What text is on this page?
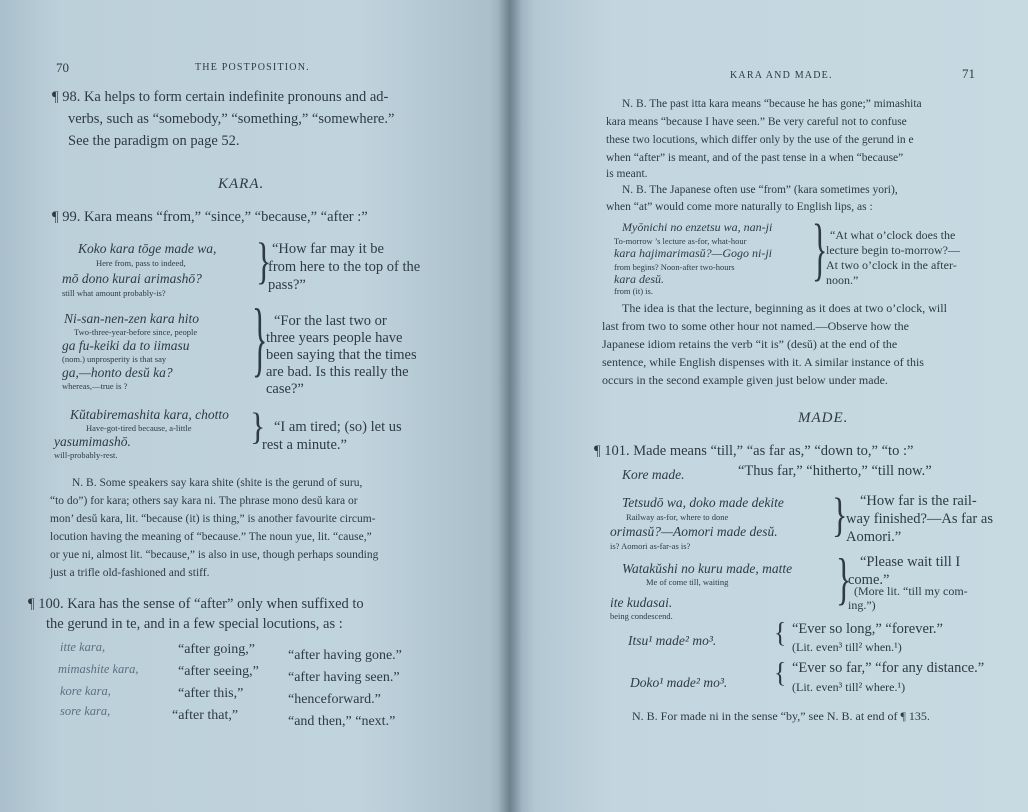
70	THE POSTPOSITION.
¶ 98. Ka helps to form certain indefinite pronouns and ad-
verbs, such as “somebody,” “something,” “somewhere.”
See the paradigm on page 52.
KARA.
¶ 99. Kara means “from,” “since,” “because,” “after :”
Koko kara tōge made wa,
Here from, pass to indeed,
mō dono kurai arimashō?
still what amount probably-is?
} “How far may it be
from here to the top of the
pass?”
Ni-san-nen-zen kara hito
Two-three-year-before since, people
ga fu-keiki da to iimasu
(nom.) unprosperity is that say
ga,—honto desŭ ka?
whereas,—true is ?
} “For the last two or
three years people have
been saying that the times
are bad. Is this really the
case?”
Kŭtabiremashita kara, chotto
Have-got-tired because, a-little
yasumimashō.
will-probably-rest.
} “I am tired; (so) let us
rest a minute.”
N. B. Some speakers say kara shite (shite is the gerund of suru,
“to do”) for kara; others say kara ni. The phrase mono desŭ kara or
mon’ desŭ kara, lit. “because (it) is thing,” is another favourite circum-
locution having the meaning of “because.” The noun yue, lit. “cause,”
or yue ni, almost lit. “because,” is also in use, though perhaps sounding
just a trifle old-fashioned and stiff.
¶ 100. Kara has the sense of “after” only when suffixed to
the gerund in te, and in a few special locutions, as :
itte kara,	“after going,” “after having gone.”
mimashite kara,	“after seeing,” “after having seen.”
kore kara,	“after this,”	“henceforward.”
sore kara,	“after that,”	“and then,” “next.”
KARA AND MADE.	71
N. B. The past itta kara means “because he has gone;” mimashita
kara means “because I have seen.” Be very careful not to confuse
these two locutions, which differ only by the use of the gerund in e
when “after” is meant, and of the past tense in a when “because”
is meant.
N. B. The Japanese often use “from” (kara sometimes yori),
when “at” would come more naturally to English lips, as :
Myōnichi no enzetsu wa, nan-ji
To-morrow ’s lecture as-for, what-hour
kara hajimarimasŭ?—Gogo ni-ji
from begins? Noon-after two-hours
kara desŭ.
from (it) is.
} “At what o’clock does the
lecture begin to-morrow?—
At two o’clock in the after-
noon.”
The idea is that the lecture, beginning as it does at two o’clock, will
last from two to some other hour not named.—Observe how the
Japanese idiom retains the verb “it is” (desŭ) at the end of the
sentence, while English dispenses with it. A similar instance of this
occurs in the second example given just below under made.
MADE.
¶ 101. Made means “till,” “as far as,” “down to,” “to :”
Kore made.	“Thus far,” “hitherto,” “till now.”
Tetsudō wa, doko made dekite
Railway as-for, where to done
orimasŭ?—Aomori made desŭ.
is? Aomori as-far-as is?
} “How far is the rail-
way finished?—As far as
Aomori.”
Watakŭshi no kuru made, matte
Me of come till, waiting
ite kudasai.
being condescend.
} “Please wait till I
come.”
(More lit. “till my com-
ing.”)
Itsu¹ made² mo³. { “Ever so long,” “forever.”
(Lit. even³ till² when.¹)
Doko¹ made² mo³. { “Ever so far,” “for any distance.”
(Lit. even³ till² where.¹)
N. B. For made ni in the sense “by,” see N. B. at end of ¶ 135.
